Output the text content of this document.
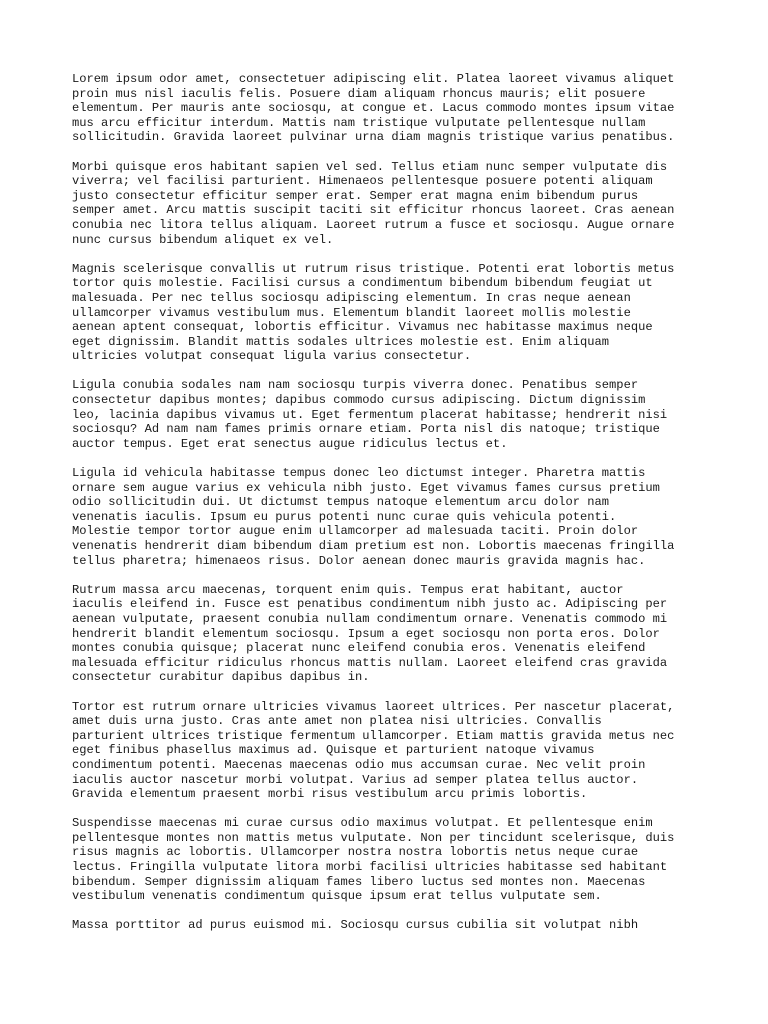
Lorem ipsum odor amet, consectetuer adipiscing elit. Platea laoreet vivamus aliquet
proin mus nisl iaculis felis. Posuere diam aliquam rhoncus mauris; elit posuere
elementum. Per mauris ante sociosqu, at congue et. Lacus commodo montes ipsum vitae
mus arcu efficitur interdum. Mattis nam tristique vulputate pellentesque nullam
sollicitudin. Gravida laoreet pulvinar urna diam magnis tristique varius penatibus.

Morbi quisque eros habitant sapien vel sed. Tellus etiam nunc semper vulputate dis
viverra; vel facilisi parturient. Himenaeos pellentesque posuere potenti aliquam
justo consectetur efficitur semper erat. Semper erat magna enim bibendum purus
semper amet. Arcu mattis suscipit taciti sit efficitur rhoncus laoreet. Cras aenean
conubia nec litora tellus aliquam. Laoreet rutrum a fusce et sociosqu. Augue ornare
nunc cursus bibendum aliquet ex vel.

Magnis scelerisque convallis ut rutrum risus tristique. Potenti erat lobortis metus
tortor quis molestie. Facilisi cursus a condimentum bibendum bibendum feugiat ut
malesuada. Per nec tellus sociosqu adipiscing elementum. In cras neque aenean
ullamcorper vivamus vestibulum mus. Elementum blandit laoreet mollis molestie
aenean aptent consequat, lobortis efficitur. Vivamus nec habitasse maximus neque
eget dignissim. Blandit mattis sodales ultrices molestie est. Enim aliquam
ultricies volutpat consequat ligula varius consectetur.

Ligula conubia sodales nam nam sociosqu turpis viverra donec. Penatibus semper
consectetur dapibus montes; dapibus commodo cursus adipiscing. Dictum dignissim
leo, lacinia dapibus vivamus ut. Eget fermentum placerat habitasse; hendrerit nisi
sociosqu? Ad nam nam fames primis ornare etiam. Porta nisl dis natoque; tristique
auctor tempus. Eget erat senectus augue ridiculus lectus et.

Ligula id vehicula habitasse tempus donec leo dictumst integer. Pharetra mattis
ornare sem augue varius ex vehicula nibh justo. Eget vivamus fames cursus pretium
odio sollicitudin dui. Ut dictumst tempus natoque elementum arcu dolor nam
venenatis iaculis. Ipsum eu purus potenti nunc curae quis vehicula potenti.
Molestie tempor tortor augue enim ullamcorper ad malesuada taciti. Proin dolor
venenatis hendrerit diam bibendum diam pretium est non. Lobortis maecenas fringilla
tellus pharetra; himenaeos risus. Dolor aenean donec mauris gravida magnis hac.

Rutrum massa arcu maecenas, torquent enim quis. Tempus erat habitant, auctor
iaculis eleifend in. Fusce est penatibus condimentum nibh justo ac. Adipiscing per
aenean vulputate, praesent conubia nullam condimentum ornare. Venenatis commodo mi
hendrerit blandit elementum sociosqu. Ipsum a eget sociosqu non porta eros. Dolor
montes conubia quisque; placerat nunc eleifend conubia eros. Venenatis eleifend
malesuada efficitur ridiculus rhoncus mattis nullam. Laoreet eleifend cras gravida
consectetur curabitur dapibus dapibus in.

Tortor est rutrum ornare ultricies vivamus laoreet ultrices. Per nascetur placerat,
amet duis urna justo. Cras ante amet non platea nisi ultricies. Convallis
parturient ultrices tristique fermentum ullamcorper. Etiam mattis gravida metus nec
eget finibus phasellus maximus ad. Quisque et parturient natoque vivamus
condimentum potenti. Maecenas maecenas odio mus accumsan curae. Nec velit proin
iaculis auctor nascetur morbi volutpat. Varius ad semper platea tellus auctor.
Gravida elementum praesent morbi risus vestibulum arcu primis lobortis.

Suspendisse maecenas mi curae cursus odio maximus volutpat. Et pellentesque enim
pellentesque montes non mattis metus vulputate. Non per tincidunt scelerisque, duis
risus magnis ac lobortis. Ullamcorper nostra nostra lobortis netus neque curae
lectus. Fringilla vulputate litora morbi facilisi ultricies habitasse sed habitant
bibendum. Semper dignissim aliquam fames libero luctus sed montes non. Maecenas
vestibulum venenatis condimentum quisque ipsum erat tellus vulputate sem.

Massa porttitor ad purus euismod mi. Sociosqu cursus cubilia sit volutpat nibh
